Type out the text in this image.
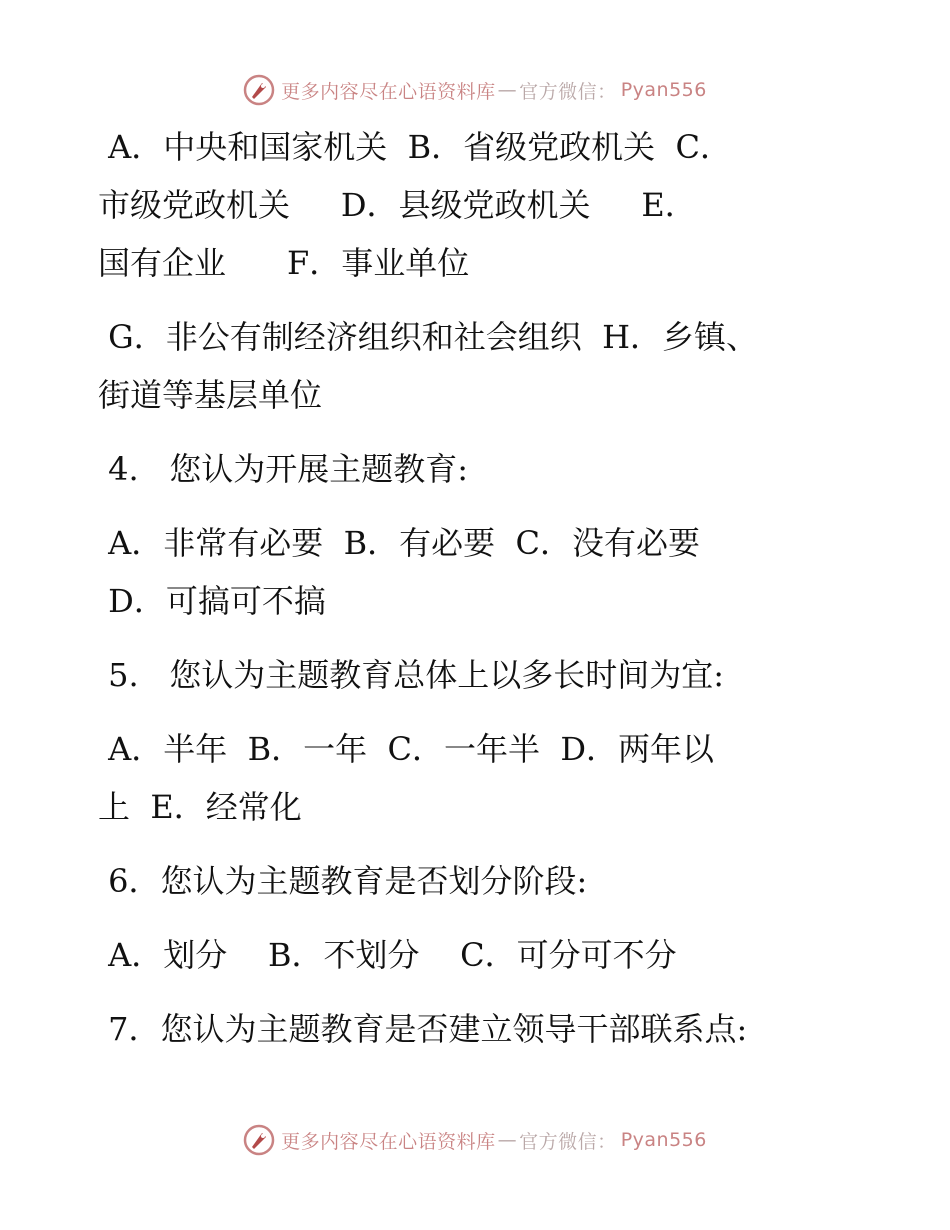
更多内容尽在心语资料库 — 官方微信： Pyan556
A．中央和国家机关  B．省级党政机关  C．
市级党政机关     D．县级党政机关     E．
国有企业      F．事业单位
G．非公有制经济组织和社会组织  H．乡镇、
街道等基层单位
4.   您认为开展主题教育:
A．非常有必要  B．有必要  C．没有必要
D．可搞可不搞
5.   您认为主题教育总体上以多长时间为宜:
A．半年  B．一年  C．一年半  D．两年以
上  E．经常化
6．您认为主题教育是否划分阶段:
A．划分    B．不划分    C．可分可不分
7．您认为主题教育是否建立领导干部联系点:
更多内容尽在心语资料库 — 官方微信： Pyan556
